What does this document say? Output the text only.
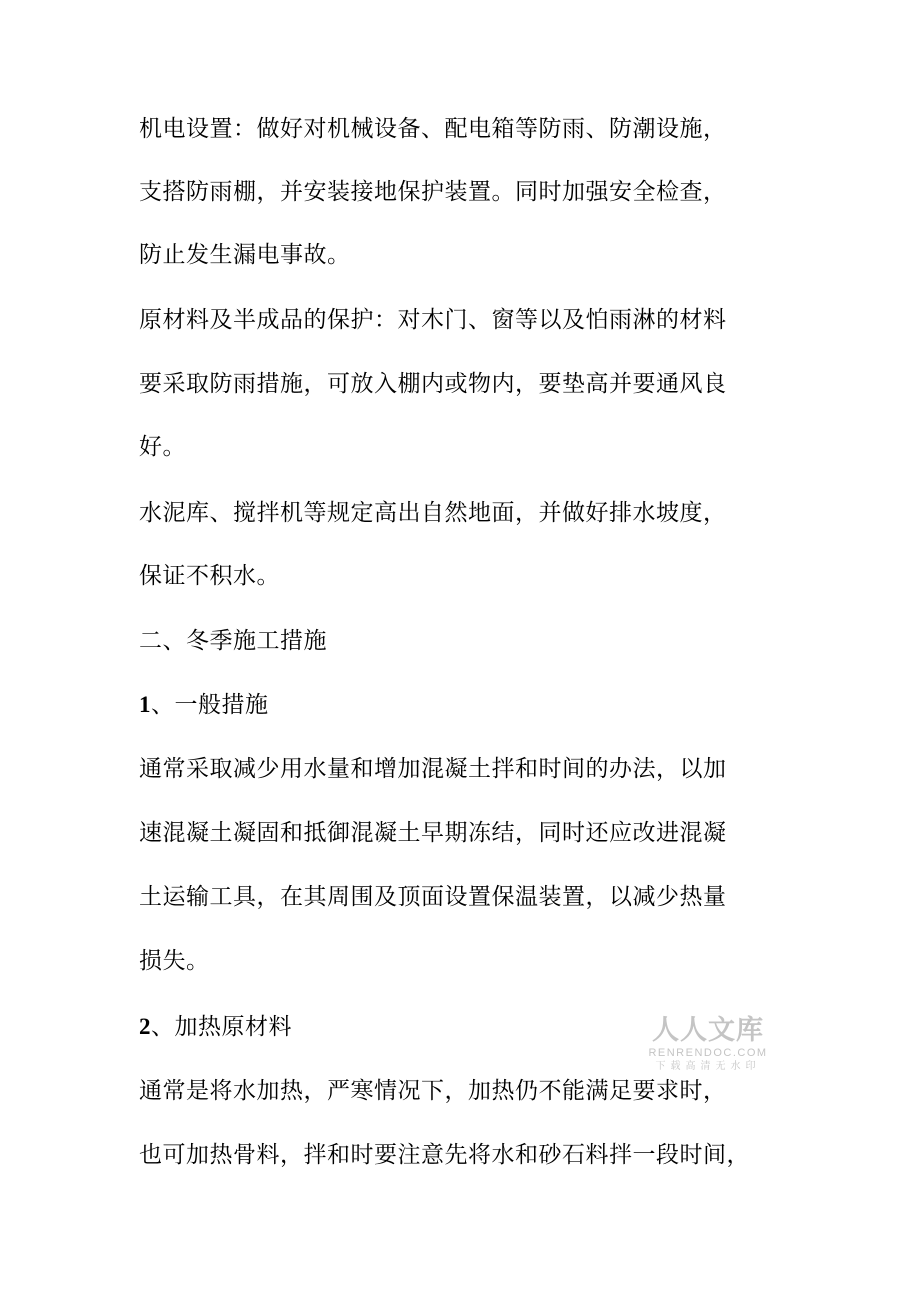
机电设置：做好对机械设备、配电箱等防雨、防潮设施，

支搭防雨棚，并安装接地保护装置。同时加强安全检查，

防止发生漏电事故。

原材料及半成品的保护：对木门、窗等以及怕雨淋的材料

要采取防雨措施，可放入棚内或物内，要垫高并要通风良

好。

水泥库、搅拌机等规定高出自然地面，并做好排水坡度，

保证不积水。

二、冬季施工措施

1、一般措施

通常采取减少用水量和增加混凝土拌和时间的办法，以加

速混凝土凝固和抵御混凝土早期冻结，同时还应改进混凝

土运输工具，在其周围及顶面设置保温装置，以减少热量

损失。

2、加热原材料

通常是将水加热，严寒情况下，加热仍不能满足要求时，

也可加热骨料，拌和时要注意先将水和砂石料拌一段时间，

人人文库
RENRENDOC.COM
下载高清无水印
